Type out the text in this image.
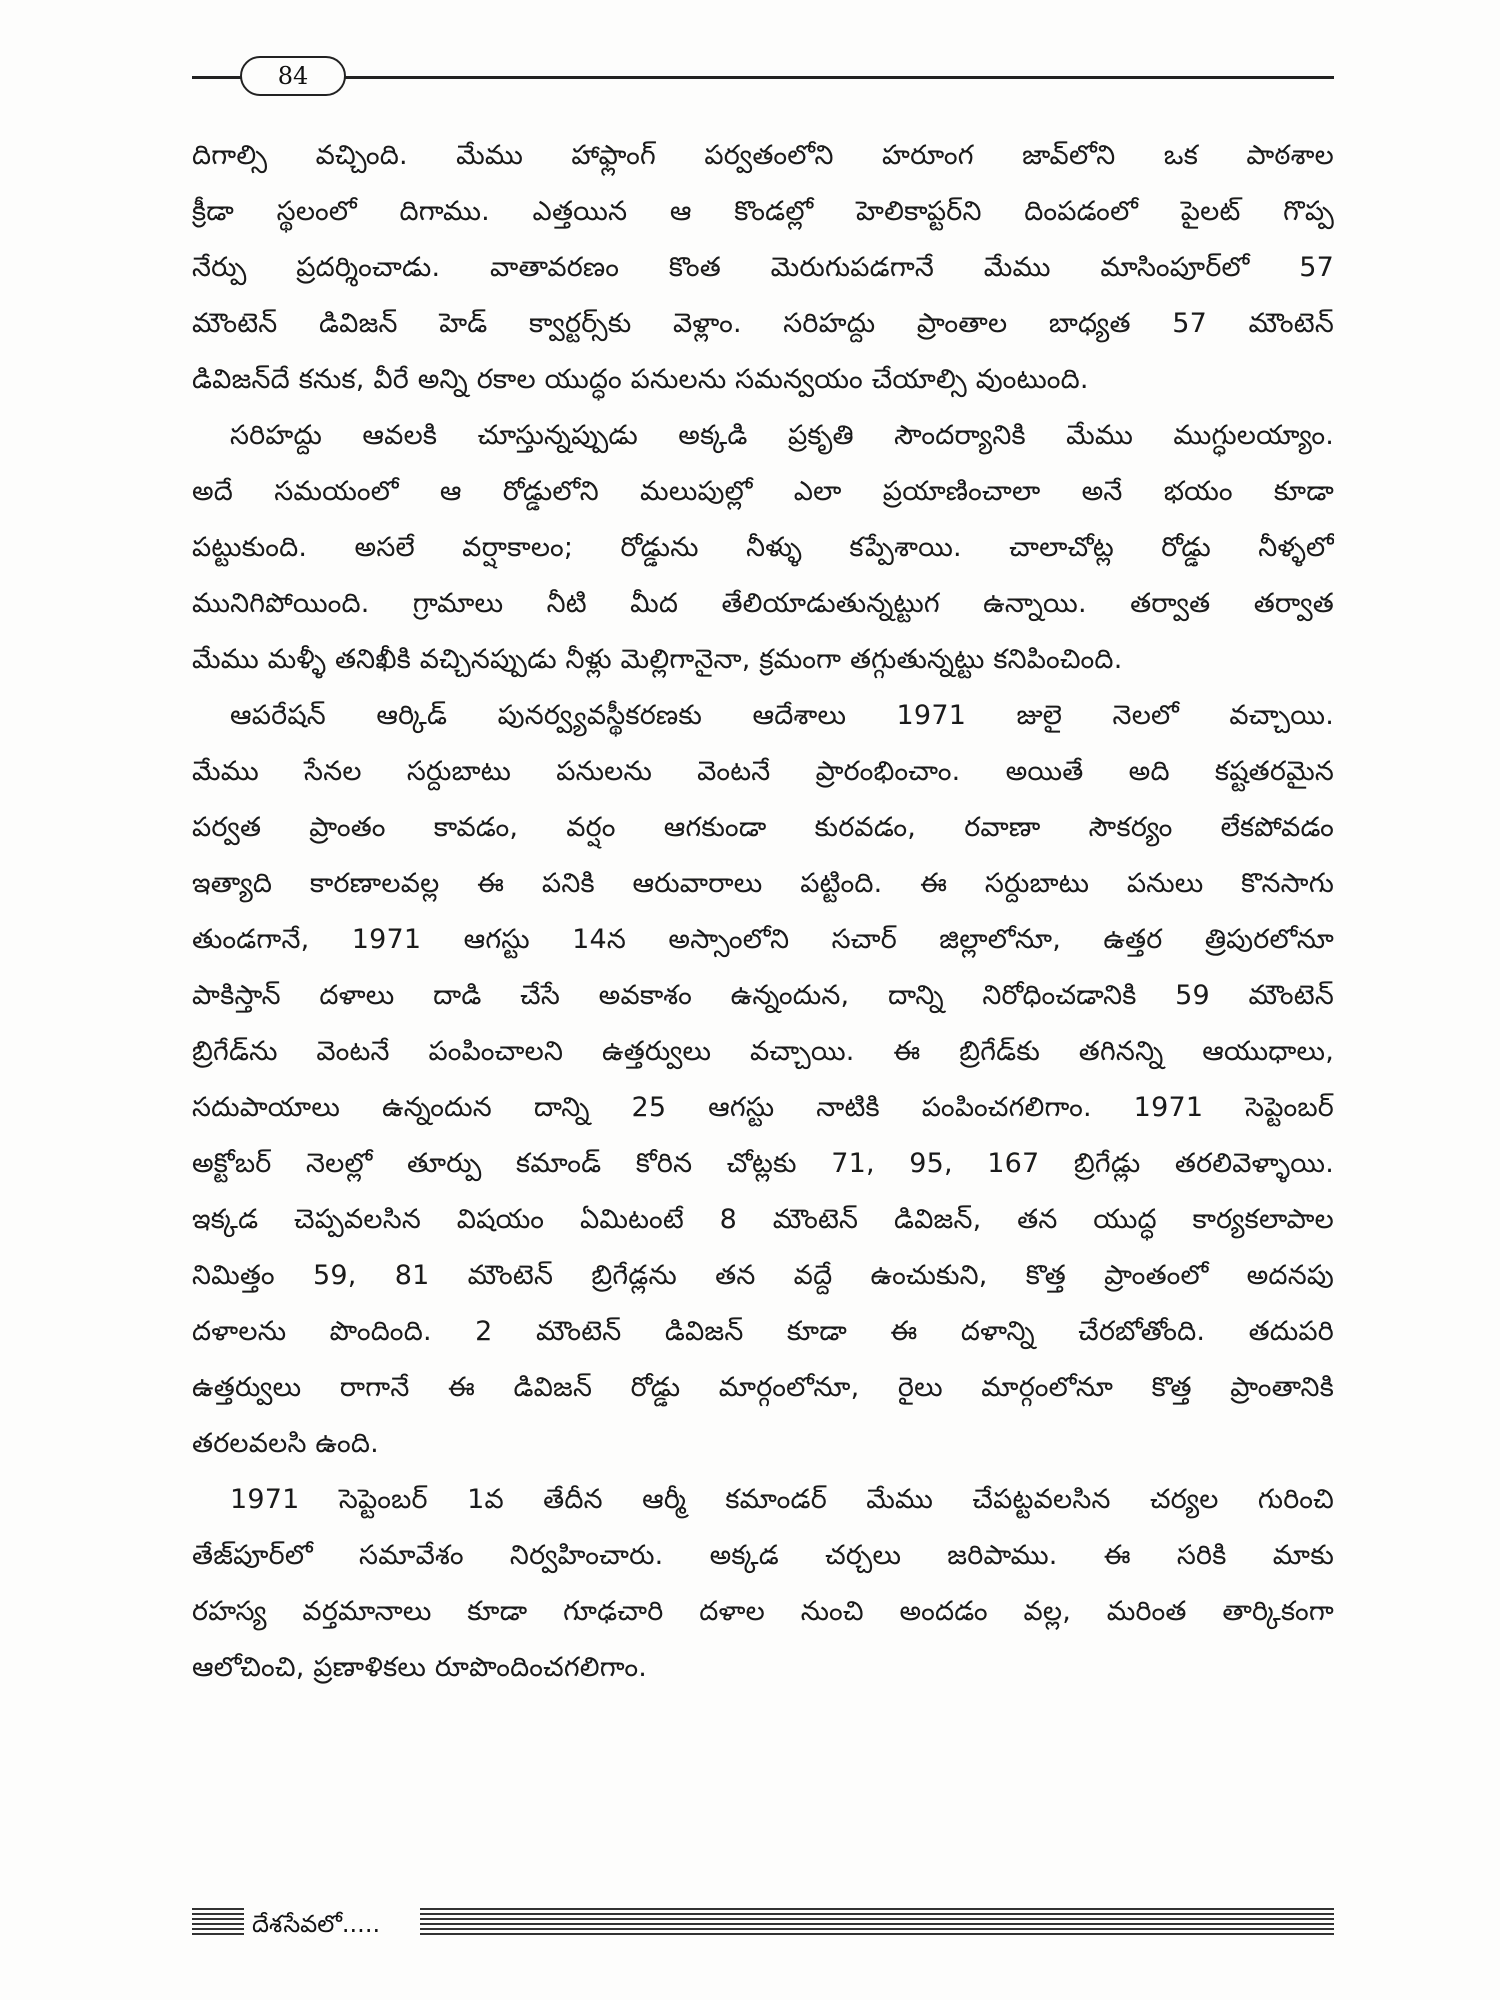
84
దిగాల్సి వచ్చింది. మేము హాఫ్లాంగ్ పర్వతంలోని హరూంగ జావ్‌లోని ఒక పాఠశాల
క్రీడా స్థలంలో దిగాము. ఎత్తయిన ఆ కొండల్లో హెలికాప్టర్‌ని దింపడంలో పైలట్ గొప్ప
నేర్పు ప్రదర్శించాడు. వాతావరణం కొంత మెరుగుపడగానే మేము మాసింపూర్‌లో 57
మౌంటెన్ డివిజన్ హెడ్ క్వార్టర్స్‌కు వెళ్లాం. సరిహద్దు ప్రాంతాల బాధ్యత 57 మౌంటెన్
డివిజన్‌దే కనుక, వీరే అన్ని రకాల యుద్ధం పనులను సమన్వయం చేయాల్సి వుంటుంది.
సరిహద్దు ఆవలకి చూస్తున్నప్పుడు అక్కడి ప్రకృతి సౌందర్యానికి మేము ముగ్ధులయ్యాం.
అదే సమయంలో ఆ రోడ్డులోని మలుపుల్లో ఎలా ప్రయాణించాలా అనే భయం కూడా
పట్టుకుంది. అసలే వర్షాకాలం; రోడ్డును నీళ్ళు కప్పేశాయి. చాలాచోట్ల రోడ్డు నీళ్ళలో
మునిగిపోయింది. గ్రామాలు నీటి మీద తేలియాడుతున్నట్టుగ ఉన్నాయి. తర్వాత తర్వాత
మేము మళ్ళీ తనిఖీకి వచ్చినప్పుడు నీళ్లు మెల్లిగానైనా, క్రమంగా తగ్గుతున్నట్టు కనిపించింది.
ఆపరేషన్ ఆర్కిడ్ పునర్వ్యవస్థీకరణకు ఆదేశాలు 1971 జులై నెలలో వచ్చాయి.
మేము సేనల సర్దుబాటు పనులను వెంటనే ప్రారంభించాం. అయితే అది కష్టతరమైన
పర్వత ప్రాంతం కావడం, వర్షం ఆగకుండా కురవడం, రవాణా సౌకర్యం లేకపోవడం
ఇత్యాది కారణాలవల్ల ఈ పనికి ఆరువారాలు పట్టింది. ఈ సర్దుబాటు పనులు కొనసాగు
తుండగానే, 1971 ఆగస్టు 14న అస్సాంలోని సచార్ జిల్లాలోనూ, ఉత్తర త్రిపురలోనూ
పాకిస్తాన్ దళాలు దాడి చేసే అవకాశం ఉన్నందున, దాన్ని నిరోధించడానికి 59 మౌంటెన్
బ్రిగేడ్‌ను వెంటనే పంపించాలని ఉత్తర్వులు వచ్చాయి. ఈ బ్రిగేడ్‌కు తగినన్ని ఆయుధాలు,
సదుపాయాలు ఉన్నందున దాన్ని 25 ఆగస్టు నాటికి పంపించగలిగాం. 1971 సెప్టెంబర్
అక్టోబర్ నెలల్లో తూర్పు కమాండ్ కోరిన చోట్లకు 71, 95, 167 బ్రిగేడ్లు తరలివెళ్ళాయి.
ఇక్కడ చెప్పవలసిన విషయం ఏమిటంటే 8 మౌంటెన్ డివిజన్, తన యుద్ధ కార్యకలాపాల
నిమిత్తం 59, 81 మౌంటెన్ బ్రిగేడ్లను తన వద్దే ఉంచుకుని, కొత్త ప్రాంతంలో అదనపు
దళాలను పొందింది. 2 మౌంటెన్ డివిజన్ కూడా ఈ దళాన్ని చేరబోతోంది. తదుపరి
ఉత్తర్వులు రాగానే ఈ డివిజన్ రోడ్డు మార్గంలోనూ, రైలు మార్గంలోనూ కొత్త ప్రాంతానికి
తరలవలసి ఉంది.
1971 సెప్టెంబర్ 1వ తేదీన ఆర్మీ కమాండర్ మేము చేపట్టవలసిన చర్యల గురించి
తేజ్‌పూర్‌లో సమావేశం నిర్వహించారు. అక్కడ చర్చలు జరిపాము. ఈ సరికి మాకు
రహస్య వర్తమానాలు కూడా గూఢచారి దళాల నుంచి అందడం వల్ల, మరింత తార్కికంగా
ఆలోచించి, ప్రణాళికలు రూపొందించగలిగాం.
దేశసేవలో.....
